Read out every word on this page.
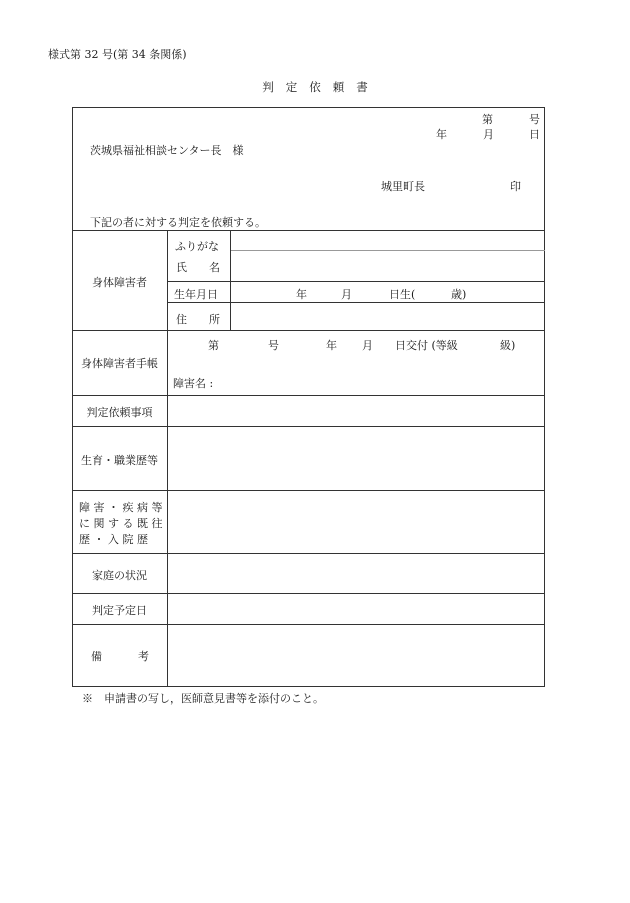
様式第 32 号(第 34 条関係)
判 定 依 頼 書
第	号
年	月	日
茨城県福祉相談センター長　様
城里町長	印
下記の者に対する判定を依頼する。
身体障害者
ふりがな
氏　　名
生年月日	年	月	日生(	歳)
住　　所
身体障害者手帳
第	号	年 月 日交付 (等級	級)
障害名 :
判定依頼事項
生育・職業歴等
障 害 ・ 疾 病 等
に 関 す る 既 往
歴 ・ 入 院 歴
家庭の状況
判定予定日
備	考
※　申請書の写し，医師意見書等を添付のこと。
